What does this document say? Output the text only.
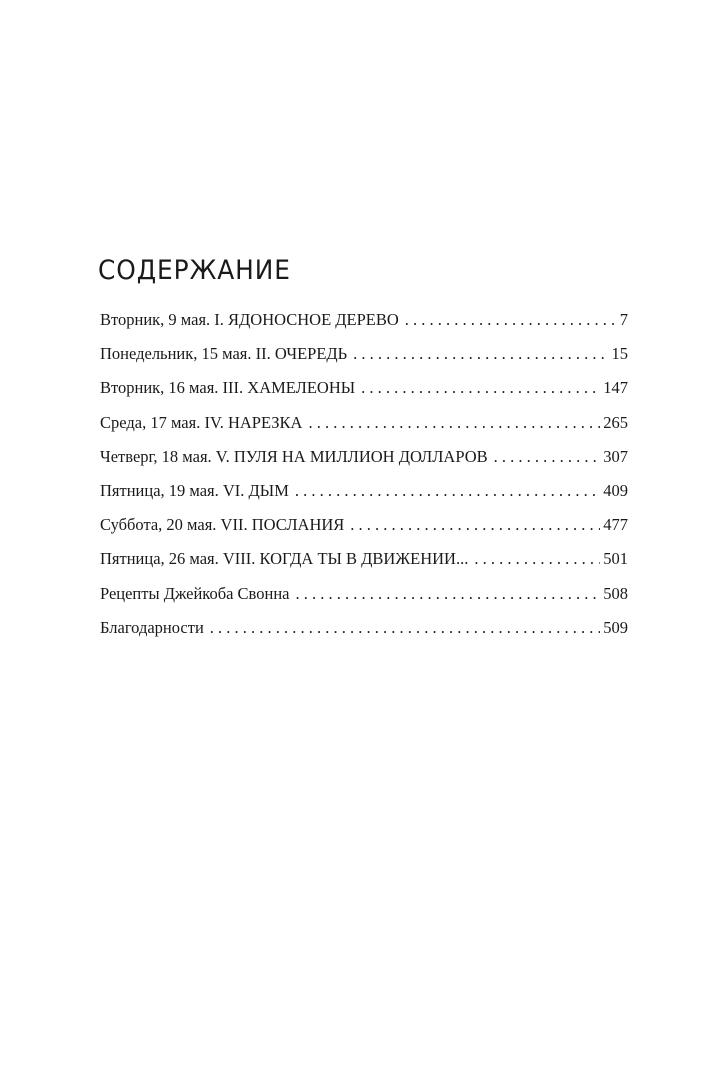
СОДЕРЖАНИЕ
Вторник, 9 мая. I. ЯДОНОСНОЕ ДЕРЕВО . . .	7
Понедельник, 15 мая. II. ОЧЕРЕДЬ . . .	15
Вторник, 16 мая. III. ХАМЕЛЕОНЫ . . .	147
Среда, 17 мая. IV. НАРЕЗКА . . .	265
Четверг, 18 мая. V. ПУЛЯ НА МИЛЛИОН ДОЛЛАРОВ . . .	307
Пятница, 19 мая. VI. ДЫМ . . .	409
Суббота, 20 мая. VII. ПОСЛАНИЯ . . .	477
Пятница, 26 мая. VIII. КОГДА ТЫ В ДВИЖЕНИИ... . . .	501
Рецепты Джейкоба Свонна . . .	508
Благодарности . . .	509
